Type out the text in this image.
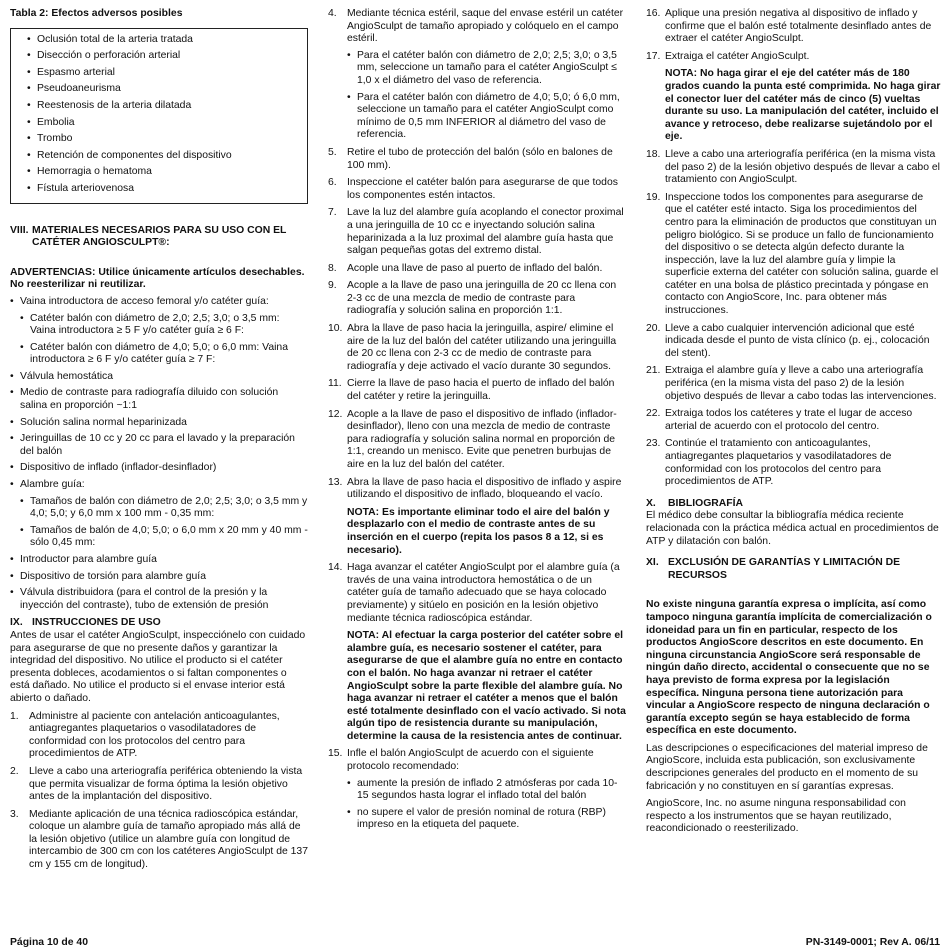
Tabla 2: Efectos adversos posibles

• Oclusión total de la arteria tratada
• Disección o perforación arterial
• Espasmo arterial
• Pseudoaneurisma
• Reestenosis de la arteria dilatada
• Embolia
• Trombo
• Retención de componentes del dispositivo
• Hemorragia o hematoma
• Fístula arteriovenosa
VIII. MATERIALES NECESARIOS PARA SU USO CON EL CATÉTER ANGIOSCULPT®:

ADVERTENCIAS: Utilice únicamente artículos desechables. No reesterilizar ni reutilizar.

• Vaina introductora de acceso femoral y/o catéter guía:
• Catéter balón con diámetro de 2,0; 2,5; 3,0; o 3,5 mm: Vaina introductora ≥ 5 F y/o catéter guía ≥ 6 F:
• Catéter balón con diámetro de 4,0; 5,0; o 6,0 mm: Vaina introductora ≥ 6 F y/o catéter guía ≥ 7 F:
• Válvula hemostática
• Medio de contraste para radiografía diluido con solución salina en proporción ~1:1
• Solución salina normal heparinizada
• Jeringuillas de 10 cc y 20 cc para el lavado y la preparación del balón
• Dispositivo de inflado (inflador-desinflador)
• Alambre guía:
• Tamaños de balón con diámetro de 2,0; 2,5; 3,0; o 3,5 mm y 4,0; 5,0; y 6,0 mm x 100 mm - 0,35 mm:
• Tamaños de balón de 4,0; 5,0; o 6,0 mm x 20 mm y 40 mm - sólo 0,45 mm:
• Introductor para alambre guía
• Dispositivo de torsión para alambre guía
• Válvula distribuidora (para el control de la presión y la inyección del contraste), tubo de extensión de presión
IX. INSTRUCCIONES DE USO

Antes de usar el catéter AngioSculpt, inspecciónelo con cuidado para asegurarse de que no presente daños y garantizar la integridad del dispositivo. No utilice el producto si el catéter presenta dobleces, acodamientos o si faltan componentes o está dañado. No utilice el producto si el envase interior está abierto o dañado.

1. Administre al paciente con antelación anticoagulantes, antiagregantes plaquetarios o vasodilatadores de conformidad con los protocolos del centro para procedimientos de ATP.
2. Lleve a cabo una arteriografía periférica obteniendo la vista que permita visualizar de forma óptima la lesión objetivo antes de la implantación del dispositivo.
3. Mediante aplicación de una técnica radioscópica estándar, coloque un alambre guía de tamaño apropiado más allá de la lesión objetivo (utilice un alambre guía con longitud de intercambio de 300 cm con los catéteres AngioSculpt de 137 cm y 155 cm de longitud).
4. Mediante técnica estéril, saque del envase estéril un catéter AngioSculpt de tamaño apropiado y colóquelo en el campo estéril.
• Para el catéter balón con diámetro de 2,0; 2,5; 3,0; o 3,5 mm, seleccione un tamaño para el catéter AngioSculpt ≤ 1,0 x el diámetro del vaso de referencia.
• Para el catéter balón con diámetro de 4,0; 5,0; ó 6,0 mm, seleccione un tamaño para el catéter AngioSculpt como mínimo de 0,5 mm INFERIOR al diámetro del vaso de referencia.
5. Retire el tubo de protección del balón (sólo en balones de 100 mm).
6. Inspeccione el catéter balón para asegurarse de que todos los componentes estén intactos.
7. Lave la luz del alambre guía acoplando el conector proximal a una jeringuilla de 10 cc e inyectando solución salina heparinizada a la luz proximal del alambre guía hasta que salgan pequeñas gotas del extremo distal.
8. Acople una llave de paso al puerto de inflado del balón.
9. Acople a la llave de paso una jeringuilla de 20 cc llena con 2-3 cc de una mezcla de medio de contraste para radiografía y solución salina en proporción 1:1.
10. Abra la llave de paso hacia la jeringuilla, aspire/ elimine el aire de la luz del balón del catéter utilizando una jeringuilla de 20 cc llena con 2-3 cc de medio de contraste para radiografía y deje activado el vacío durante 30 segundos.
11. Cierre la llave de paso hacia el puerto de inflado del balón del catéter y retire la jeringuilla.
12. Acople a la llave de paso el dispositivo de inflado (inflador-desinflador), lleno con una mezcla de medio de contraste para radiografía y solución salina normal en proporción de 1:1, creando un menisco. Evite que penetren burbujas de aire en la luz del balón del catéter.
13. Abra la llave de paso hacia el dispositivo de inflado y aspire utilizando el dispositivo de inflado, bloqueando el vacío.

NOTA: Es importante eliminar todo el aire del balón y desplazarlo con el medio de contraste antes de su inserción en el cuerpo (repita los pasos 8 a 12, si es necesario).

14. Haga avanzar el catéter AngioSculpt por el alambre guía (a través de una vaina introductora hemostática o de un catéter guía de tamaño adecuado que se haya colocado previamente) y sitúelo en posición en la lesión objetivo mediante técnica radioscópica estándar.

NOTA: Al efectuar la carga posterior del catéter sobre el alambre guía, es necesario sostener el catéter, para asegurarse de que el alambre guía no entre en contacto con el balón. No haga avanzar ni retraer el catéter AngioSculpt sobre la parte flexible del alambre guía. No haga avanzar ni retraer el catéter a menos que el balón esté totalmente desinflado con el vacío activado. Si nota algún tipo de resistencia durante su manipulación, determine la causa de la resistencia antes de continuar.

15. Infle el balón AngioSculpt de acuerdo con el siguiente protocolo recomendado:
• aumente la presión de inflado 2 atmósferas por cada 10-15 segundos hasta lograr el inflado total del balón
• no supere el valor de presión nominal de rotura (RBP) impreso en la etiqueta del paquete.
16. Aplique una presión negativa al dispositivo de inflado y confirme que el balón esté totalmente desinflado antes de extraer el catéter AngioSculpt.
17. Extraiga el catéter AngioSculpt.

NOTA: No haga girar el eje del catéter más de 180 grados cuando la punta esté comprimida. No haga girar el conector luer del catéter más de cinco (5) vueltas durante su uso. La manipulación del catéter, incluido el avance y retroceso, debe realizarse sujetándolo por el eje.

18. Lleve a cabo una arteriografía periférica (en la misma vista del paso 2) de la lesión objetivo después de llevar a cabo el tratamiento con AngioSculpt.
19. Inspeccione todos los componentes para asegurarse de que el catéter esté intacto. Siga los procedimientos del centro para la eliminación de productos que constituyan un peligro biológico. Si se produce un fallo de funcionamiento del dispositivo o se detecta algún defecto durante la inspección, lave la luz del alambre guía y limpie la superficie externa del catéter con solución salina, guarde el catéter en una bolsa de plástico precintada y póngase en contacto con AngioScore, Inc. para obtener más instrucciones.
20. Lleve a cabo cualquier intervención adicional que esté indicada desde el punto de vista clínico (p. ej., colocación del stent).
21. Extraiga el alambre guía y lleve a cabo una arteriografía periférica (en la misma vista del paso 2) de la lesión objetivo después de llevar a cabo todas las intervenciones.
22. Extraiga todos los catéteres y trate el lugar de acceso arterial de acuerdo con el protocolo del centro.
23. Continúe el tratamiento con anticoagulantes, antiagregantes plaquetarios y vasodilatadores de conformidad con los protocolos del centro para procedimientos de ATP.
X. BIBLIOGRAFÍA

El médico debe consultar la bibliografía médica reciente relacionada con la práctica médica actual en procedimientos de ATP y dilatación con balón.

XI. EXCLUSIÓN DE GARANTÍAS Y LIMITACIÓN DE RECURSOS

No existe ninguna garantía expresa o implícita, así como tampoco ninguna garantía implícita de comercialización o idoneidad para un fin en particular, respecto de los productos AngioScore descritos en este documento. En ninguna circunstancia AngioScore será responsable de ningún daño directo, accidental o consecuente que no se haya previsto de forma expresa por la legislación específica. Ninguna persona tiene autorización para vincular a AngioScore respecto de ninguna declaración o garantía excepto según se haya establecido de forma específica en este documento.

Las descripciones o especificaciones del material impreso de AngioScore, incluida esta publicación, son exclusivamente descripciones generales del producto en el momento de su fabricación y no constituyen en sí garantías expresas.

AngioScore, Inc. no asume ninguna responsabilidad con respecto a los instrumentos que se hayan reutilizado, reacondicionado o reesterilizado.

Página 10 de 40	PN-3149-0001; Rev A. 06/11
